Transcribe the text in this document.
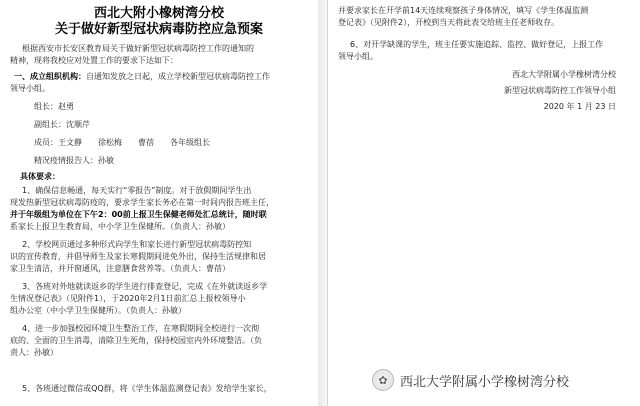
西北大附小橡树湾分校
关于做好新型冠状病毒防控应急预案
根据西安市长安区教育局关于做好新型冠状病毒防控工作的通知的
精神，现将我校应对处置工作的要求下达如下：
一、成立组织机构：自通知发放之日起，成立学校新型冠状病毒防控工作
领导小组。
组长：赵勇
副组长：沈顺芹
成员：王文静　　徐松梅　　曹蓓　　各年级组长
精况疫情报告人：孙敏
具体要求：
1、确保信息畅通，每天实行“零报告”制度。对于放假期间学生出
现发热新型冠状病毒防疫的，要求学生家长务必在第一时间内报告班主任，
并于年级组为单位在下午2：00前上报卫生保健老师处汇总统计，随时联
系家长上报卫生教育局，中小学卫生保健所。（负责人：孙敏）
2、学校网页通过多种形式向学生和家长进行新型冠状病毒防控知
识的宣传教育，并倡导师生及家长寒假期间进免外出，保持生活规律和居
家卫生清洁，并开窗通风，注意膳食营养等。（负责人：曹蓓）
3、各班对外地就读返乡的学生进行排查登记，完成《在外就读返乡学
生情况登记表》（见附件1），于2020年2月1日前汇总上报校领导小
组办公室（中小学卫生保健所）。（负责人：孙敏）
4、进一步加强校园环境卫生整治工作，在寒假期间全校进行一次彻
底的、全面的卫生消毒，清除卫生死角，保持校园室内外环境整洁。（负
责人：孙敏）
5、各班通过微信或QQ群，将《学生体温监测登记表》发给学生家长，
并要求家长在开学前14天连续观察孩子身体情况，填写《学生体温监测
登记表》（见附件2），开校到当天将此表交给班主任老师收存。
6、对开学缺课的学生，班主任要实施追踪、监控、做好登记，上报工作
领导小组。
西北大学附属小学橡树湾分校
新型冠状病毒防控工作领导小组
2020 年 1 月 23 日
✿ 西北大学附属小学橡树湾分校
